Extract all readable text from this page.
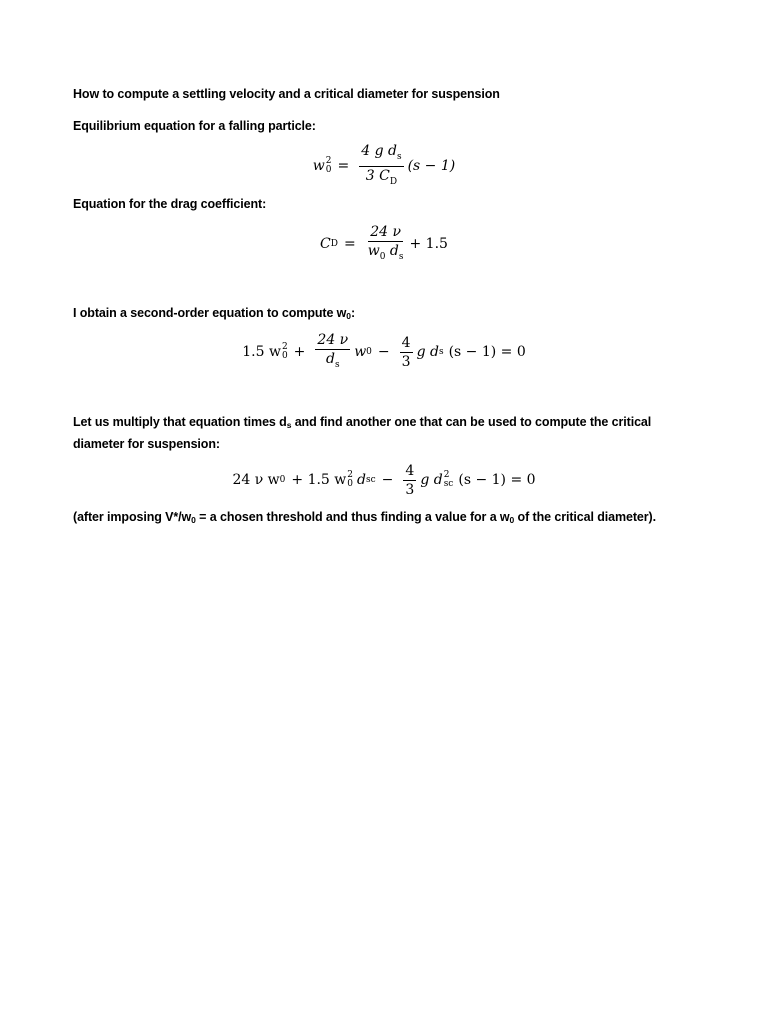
How to compute a settling velocity and a critical diameter for suspension
Equilibrium equation for a falling particle:
w 2
$0 = \frac{4 g d_s}{3 C_D} (s - 1)$
Equation for the drag coefficient:
C $D = \frac{24 \nu}{w_0 d_s} + 1.5$
I obtain a second-order equation to compute $w_0$:
1.5 w 2
$0 + \frac{24 \nu}{d_s}$ w $0 - \frac{4}{3}$ g d s (s − 1) = 0
Let us multiply that equation times $d_s$ and find another one that can be used to compute the critical diameter for suspension:
24 ν w 0 + 1.5 w 2
0 d sc − $\frac{4}{3}$ g d 2
sc (s − 1) = 0
(after imposing $V*/w_0 = a$ chosen threshold and thus finding a value for a $w_0$ of the critical diameter).
